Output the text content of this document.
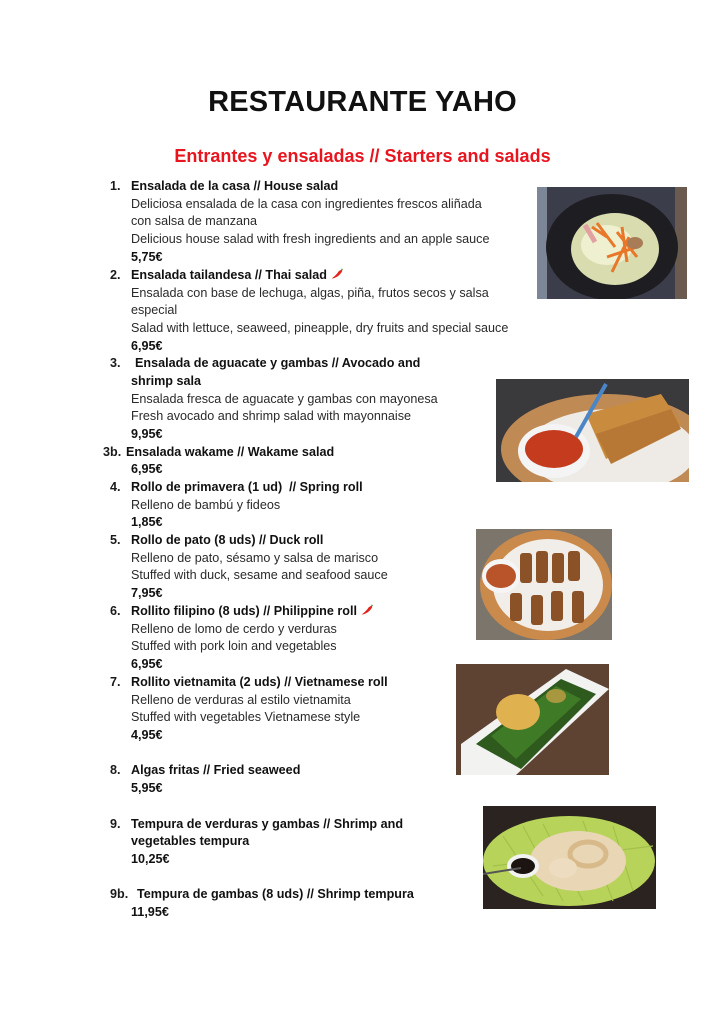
RESTAURANTE YAHO
Entrantes y ensaladas // Starters and salads
1. Ensalada de la casa // House salad
Deliciosa ensalada de la casa con ingredientes frescos aliñada
con salsa de manzana
Delicious house salad with fresh ingredients and an apple sauce
5,75€
2. Ensalada tailandesa // Thai salad
Ensalada con base de lechuga, algas, piña, frutos secos y salsa
especial
Salad with lettuce, seaweed, pineapple, dry fruits and special sauce
6,95€
3. Ensalada de aguacate y gambas // Avocado and
shrimp sala
Ensalada fresca de aguacate y gambas con mayonesa
Fresh avocado and shrimp salad with mayonnaise
9,95€
3b. Ensalada wakame // Wakame salad
6,95€
4. Rollo de primavera (1 ud)  // Spring roll
Relleno de bambú y fideos
1,85€
5. Rollo de pato (8 uds) // Duck roll
Relleno de pato, sésamo y salsa de marisco
Stuffed with duck, sesame and seafood sauce
7,95€
6. Rollito filipino (8 uds) // Philippine roll
Relleno de lomo de cerdo y verduras
Stuffed with pork loin and vegetables
6,95€
7. Rollito vietnamita (2 uds) // Vietnamese roll
Relleno de verduras al estilo vietnamita
Stuffed with vegetables Vietnamese style
4,95€
8. Algas fritas // Fried seaweed
5,95€
9. Tempura de verduras y gambas // Shrimp and
vegetables tempura
10,25€
9b. Tempura de gambas (8 uds) // Shrimp tempura
11,95€
